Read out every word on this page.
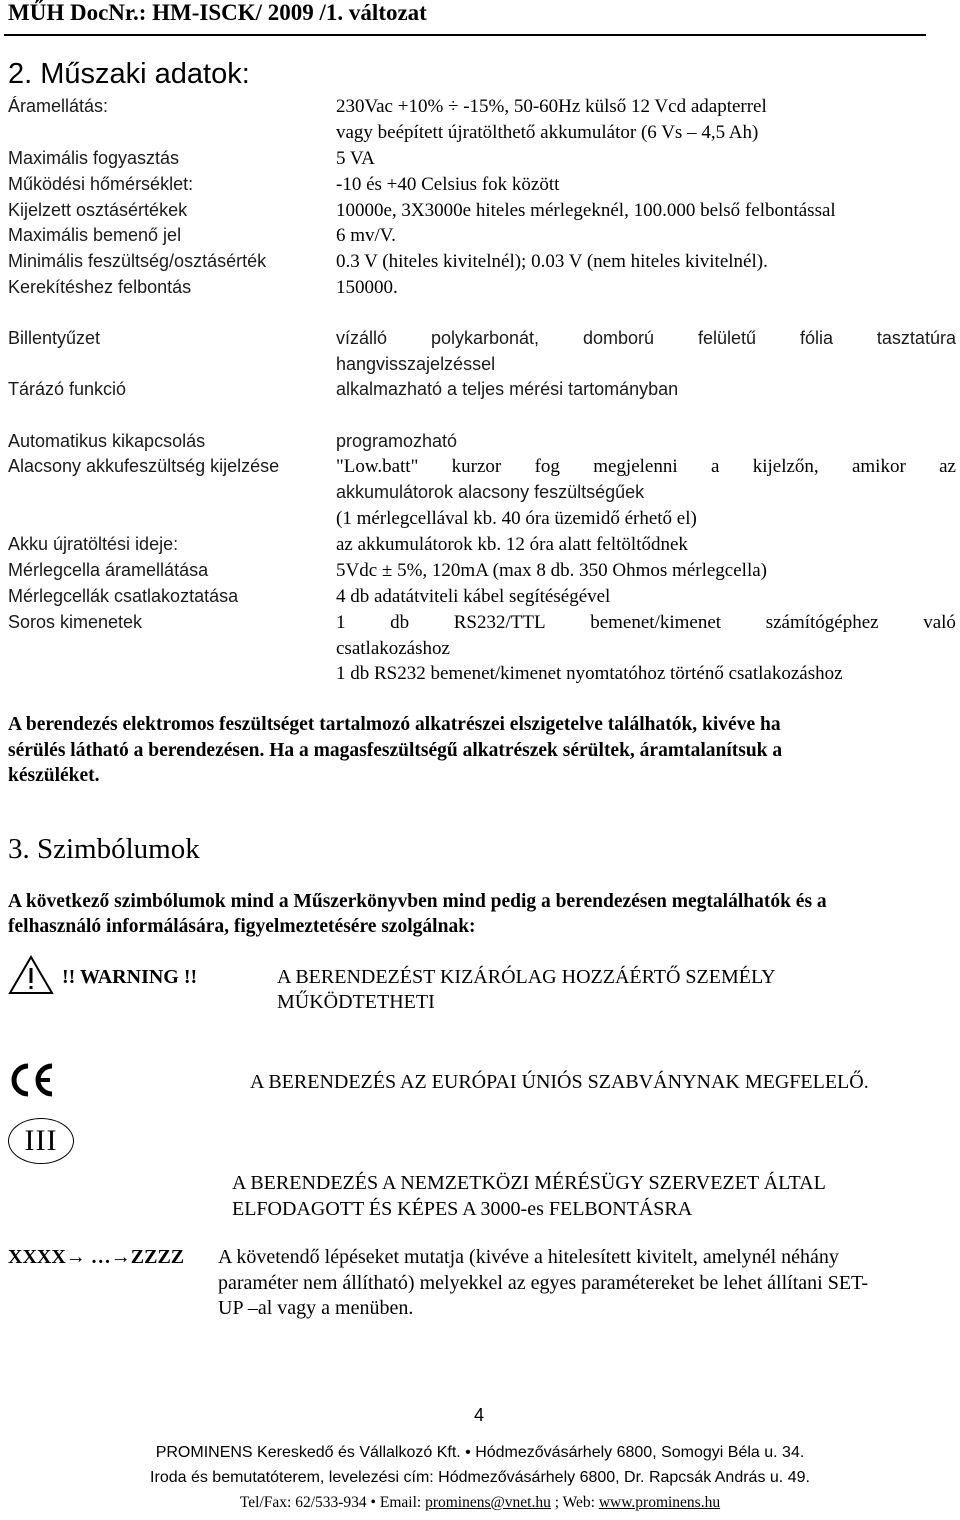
MŰH DocNr.: HM-ISCK/ 2009 /1. változat
2. Műszaki adatok:
Áramellátás:	230Vac +10% ÷ -15%, 50-60Hz külső 12 Vcd adapterrel
vagy beépített újratölthető akkumulátor (6 Vs – 4,5 Ah)
Maximális fogyasztás	5 VA
Működési hőmérséklet:	-10 és +40 Celsius fok között
Kijelzett osztásértékek	10000e, 3X3000e hiteles mérlegeknél, 100.000 belső felbontással
Maximális bemenő jel	6 mv/V.
Minimális feszültség/osztásérték	0.3 V (hiteles kivitelnél); 0.03 V (nem hiteles kivitelnél).
Kerekítéshez felbontás	150000.
Billentyűzet	vízálló polykarbonát, domború felületű fólia tasztatúra
hangvisszajelzéssel
Tárázó funkció	alkalmazható a teljes mérési tartományban
Automatikus kikapcsolás	programozható
Alacsony akkufeszültség kijelzése	"Low.batt" kurzor fog megjelenni a kijelzőn, amikor az
akkumulátorok alacsony feszültségűek
(1 mérlegcellával kb. 40 óra üzemidő érhető el)
Akku újratöltési ideje:	az akkumulátorok kb. 12 óra alatt feltöltődnek
Mérlegcella áramellátása	5Vdc ± 5%, 120mA (max 8 db. 350 Ohmos mérlegcella)
Mérlegcellák csatlakoztatása	4 db adatátviteli kábel segítéségével
Soros kimenetek	1 db RS232/TTL bemenet/kimenet számítógéphez való
csatlakozáshoz
1 db RS232 bemenet/kimenet nyomtatóhoz történő csatlakozáshoz
A berendezés elektromos feszültséget tartalmozó alkatrészei elszigetelve találhatók, kivéve ha
sérülés látható a berendezésen. Ha a magasfeszültségű alkatrészek sérültek, áramtalanítsuk a
készüléket.
3. Szimbólumok
A következő szimbólumok mind a Műszerkönyvben mind pedig a berendezésen megtalálhatók és a
felhasználó informálására, figyelmeztetésére szolgálnak:
!! WARNING !!	A BERENDEZÉST KIZÁRÓLAG HOZZÁÉRTŐ SZEMÉLY
MŰKÖDTETHETI
A BERENDEZÉS AZ EURÓPAI ÚNIÓS SZABVÁNYNAK MEGFELELŐ.
III
A BERENDEZÉS A NEMZETKÖZI MÉRÉSÜGY SZERVEZET ÁLTAL
ELFODAGOTT ÉS KÉPES A 3000-es FELBONTÁSRA
XXXX→ …→ZZZZ A követendő lépéseket mutatja (kivéve a hitelesített kivitelt, amelynél néhány
paraméter nem állítható) melyekkel az egyes paramétereket be lehet állítani SET-
UP –al vagy a menüben.
4
PROMINENS Kereskedő és Vállalkozó Kft. • Hódmezővásárhely 6800, Somogyi Béla u. 34.
Iroda és bemutatóterem, levelezési cím: Hódmezővásárhely 6800, Dr. Rapcsák András u. 49.
Tel/Fax: 62/533-934 • Email: prominens@vnet.hu ; Web: www.prominens.hu
